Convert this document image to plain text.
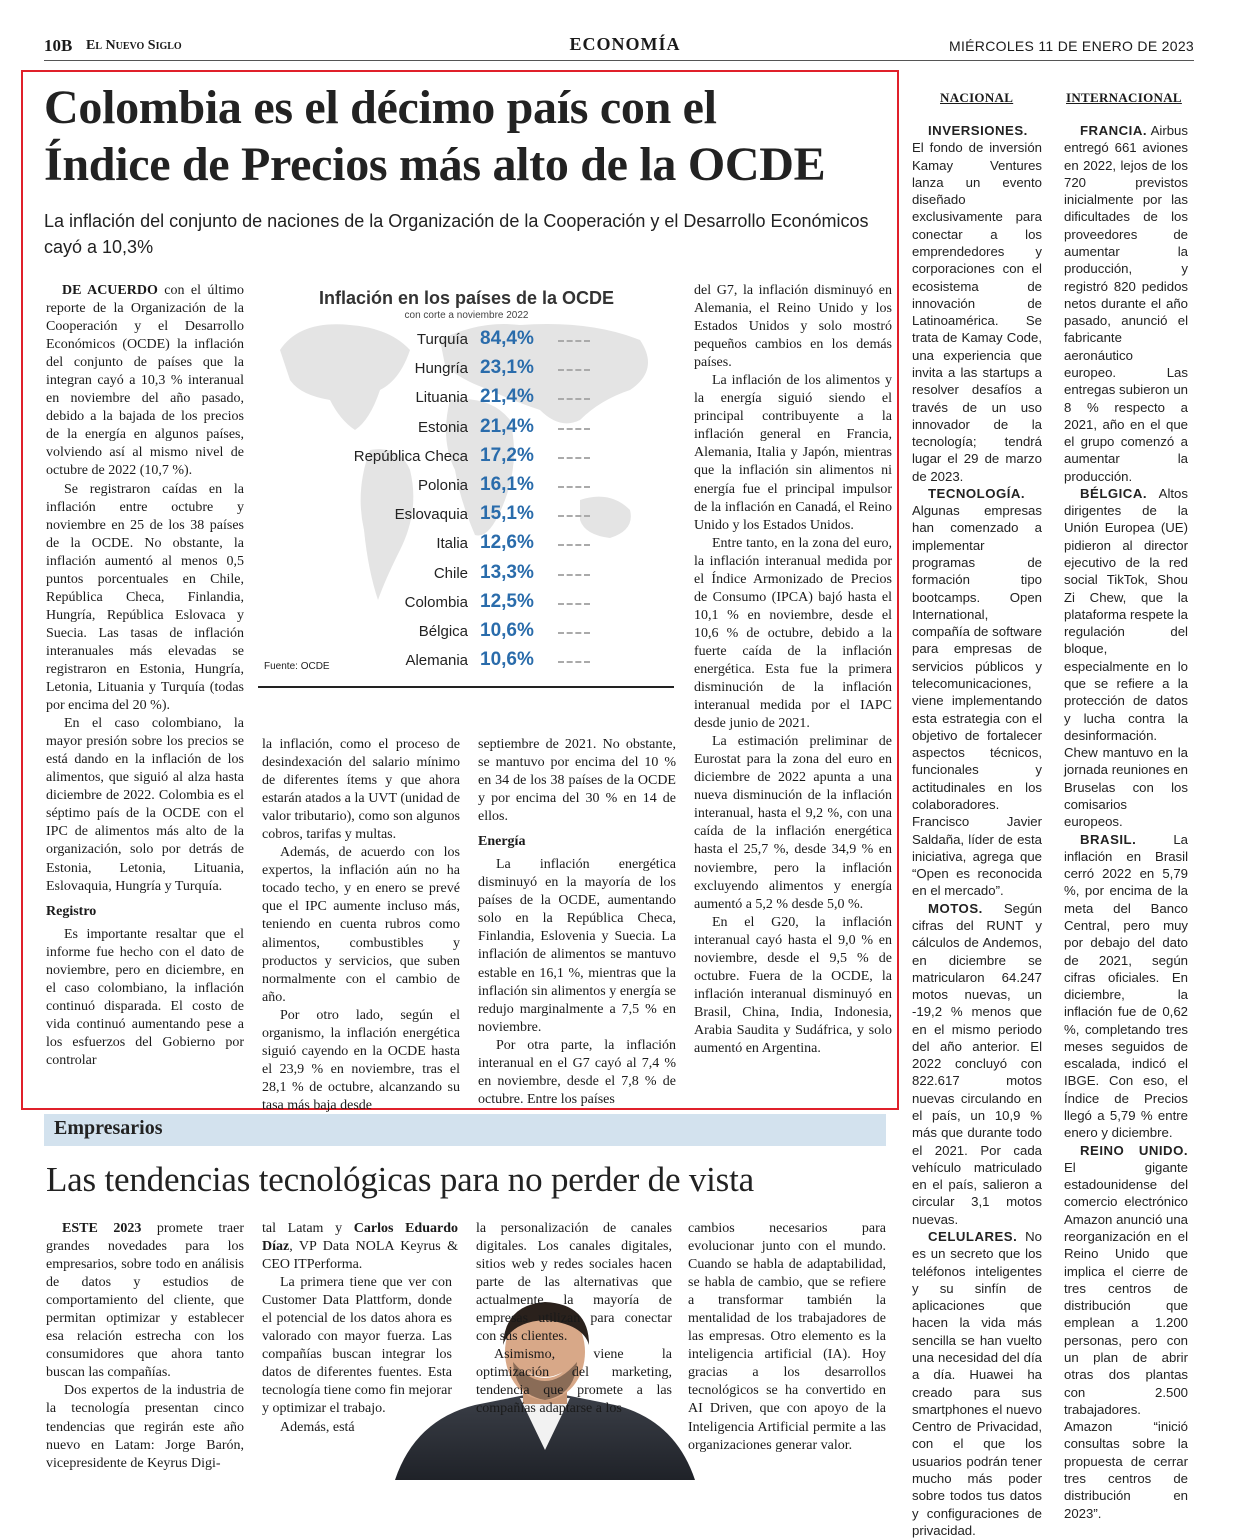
10B El Nuevo Siglo	ECONOMÍA	MIÉRCOLES 11 DE ENERO DE 2023
Colombia es el décimo país con el
Índice de Precios más alto de la OCDE
La inflación del conjunto de naciones de la Organización de la Cooperación y el Desarrollo Económicos cayó a 10,3%

DE ACUERDO con el último reporte de la Organización de la Cooperación y el Desarrollo Económicos (OCDE) la inflación del conjunto de países que la integran cayó a 10,3 % interanual en noviembre del año pasado, debido a la bajada de los precios de la energía en algunos países, volviendo así al mismo nivel de octubre de 2022 (10,7 %).

Se registraron caídas en la inflación entre octubre y noviembre en 25 de los 38 países de la OCDE. No obstante, la inflación aumentó al menos 0,5 puntos porcentuales en Chile, República Checa, Finlandia, Hungría, República Eslovaca y Suecia. Las tasas de inflación interanuales más elevadas se registraron en Estonia, Hungría, Letonia, Lituania y Turquía (todas por encima del 20 %).

En el caso colombiano, la mayor presión sobre los precios se está dando en la inflación de los alimentos, que siguió al alza hasta diciembre de 2022. Colombia es el séptimo país de la OCDE con el IPC de alimentos más alto de la organización, solo por detrás de Estonia, Letonia, Lituania, Eslovaquia, Hungría y Turquía.

Registro

Es importante resaltar que el informe fue hecho con el dato de noviembre, pero en diciembre, en el caso colombiano, la inflación continuó disparada. El costo de vida continuó aumentando pese a los esfuerzos del Gobierno por controlar

Inflación en los países de la OCDE
con corte a noviembre 2022
Turquía 84,4%
Hungría 23,1%
Lituania 21,4%
Estonia 21,4%
República Checa 17,2%
Polonia 16,1%
Eslovaquia 15,1%
Italia 12,6%
Chile 13,3%
Colombia 12,5%
Bélgica 10,6%
Alemania 10,6%
Fuente: OCDE

la inflación, como el proceso de desindexación del salario mínimo de diferentes ítems y que ahora estarán atados a la UVT (unidad de valor tributario), como son algunos cobros, tarifas y multas.

Además, de acuerdo con los expertos, la inflación aún no ha tocado techo, y en enero se prevé que el IPC aumente incluso más, teniendo en cuenta rubros como alimentos, combustibles y productos y servicios, que suben normalmente con el cambio de año.

Por otro lado, según el organismo, la inflación energética siguió cayendo en la OCDE hasta el 23,9 % en noviembre, tras el 28,1 % de octubre, alcanzando su tasa más baja desde

septiembre de 2021. No obstante, se mantuvo por encima del 10 % en 34 de los 38 países de la OCDE y por encima del 30 % en 14 de ellos.

Energía

La inflación energética disminuyó en la mayoría de los países de la OCDE, aumentando solo en la República Checa, Finlandia, Eslovenia y Suecia. La inflación de alimentos se mantuvo estable en 16,1 %, mientras que la inflación sin alimentos y energía se redujo marginalmente a 7,5 % en noviembre.

Por otra parte, la inflación interanual en el G7 cayó al 7,4 % en noviembre, desde el 7,8 % de octubre. Entre los países

del G7, la inflación disminuyó en Alemania, el Reino Unido y los Estados Unidos y solo mostró pequeños cambios en los demás países.

La inflación de los alimentos y la energía siguió siendo el principal contribuyente a la inflación general en Francia, Alemania, Italia y Japón, mientras que la inflación sin alimentos ni energía fue el principal impulsor de la inflación en Canadá, el Reino Unido y los Estados Unidos.

Entre tanto, en la zona del euro, la inflación interanual medida por el Índice Armonizado de Precios de Consumo (IPCA) bajó hasta el 10,1 % en noviembre, desde el 10,6 % de octubre, debido a la fuerte caída de la inflación energética. Esta fue la primera disminución de la inflación interanual medida por el IAPC desde junio de 2021.

La estimación preliminar de Eurostat para la zona del euro en diciembre de 2022 apunta a una nueva disminución de la inflación interanual, hasta el 9,2 %, con una caída de la inflación energética hasta el 25,7 %, desde 34,9 % en noviembre, pero la inflación excluyendo alimentos y energía aumentó a 5,2 % desde 5,0 %.

En el G20, la inflación interanual cayó hasta el 9,0 % en noviembre, desde el 9,5 % de octubre. Fuera de la OCDE, la inflación interanual disminuyó en Brasil, China, India, Indonesia, Arabia Saudita y Sudáfrica, y solo aumentó en Argentina.

NACIONAL	INTERNACIONAL

INVERSIONES. El fondo de inversión Kamay Ventures lanza un evento diseñado exclusivamente para conectar a los emprendedores y corporaciones con el ecosistema de innovación de Latinoamérica. Se trata de Kamay Code, una experiencia que invita a las startups a resolver desafíos a través de un uso innovador de la tecnología; tendrá lugar el 29 de marzo de 2023.

TECNOLOGÍA. Algunas empresas han comenzado a implementar programas de formación tipo bootcamps. Open International, compañía de software para empresas de servicios públicos y telecomunicaciones, viene implementando esta estrategia con el objetivo de fortalecer aspectos técnicos, funcionales y actitudinales en los colaboradores. Francisco Javier Saldaña, líder de esta iniciativa, agrega que “Open es reconocida en el mercado”.

MOTOS. Según cifras del RUNT y cálculos de Andemos, en diciembre se matricularon 64.247 motos nuevas, un -19,2 % menos que en el mismo periodo del año anterior. El 2022 concluyó con 822.617 motos nuevas circulando en el país, un 10,9 % más que durante todo el 2021. Por cada vehículo matriculado en el país, salieron a circular 3,1 motos nuevas.

CELULARES. No es un secreto que los teléfonos inteligentes y su sinfín de aplicaciones que hacen la vida más sencilla se han vuelto una necesidad del día a día. Huawei ha creado para sus smartphones el nuevo Centro de Privacidad, con el que los usuarios podrán tener mucho más poder sobre todos tus datos y configuraciones de privacidad.

FRANCIA. Airbus entregó 661 aviones en 2022, lejos de los 720 previstos inicialmente por las dificultades de los proveedores de aumentar la producción, y registró 820 pedidos netos durante el año pasado, anunció el fabricante aeronáutico europeo. Las entregas subieron un 8 % respecto a 2021, año en el que el grupo comenzó a aumentar la producción.

BÉLGICA. Altos dirigentes de la Unión Europea (UE) pidieron al director ejecutivo de la red social TikTok, Shou Zi Chew, que la plataforma respete la regulación del bloque, especialmente en lo que se refiere a la protección de datos y lucha contra la desinformación. Chew mantuvo en la jornada reuniones en Bruselas con los comisarios europeos.

BRASIL. La inflación en Brasil cerró 2022 en 5,79 %, por encima de la meta del Banco Central, pero muy por debajo del dato de 2021, según cifras oficiales. En diciembre, la inflación fue de 0,62 %, completando tres meses seguidos de escalada, indicó el IBGE. Con eso, el Índice de Precios llegó a 5,79 % entre enero y diciembre.

REINO UNIDO. El gigante estadounidense del comercio electrónico Amazon anunció una reorganización en el Reino Unido que implica el cierre de tres centros de distribución que emplean a 1.200 personas, pero con un plan de abrir otras dos plantas con 2.500 trabajadores. Amazon “inició consultas sobre la propuesta de cerrar tres centros de distribución en 2023”.

Empresarios
Las tendencias tecnológicas para no perder de vista

ESTE 2023 promete traer grandes novedades para los empresarios, sobre todo en análisis de datos y estudios de comportamiento del cliente, que permitan optimizar y establecer esa relación estrecha con los consumidores que ahora tanto buscan las compañías.

Dos expertos de la industria de la tecnología presentan cinco tendencias que regirán este año nuevo en Latam: Jorge Barón, vicepresidente de Keyrus Digi-

tal Latam y Carlos Eduardo Díaz, VP Data NOLA Keyrus & CEO ITPerforma.

La primera tiene que ver con Customer Data Plattform, donde el potencial de los datos ahora es valorado con mayor fuerza. Las compañías buscan integrar los datos de diferentes fuentes. Esta tecnología tiene como fin mejorar y optimizar el trabajo.

Además, está

la personalización de canales digitales. Los canales digitales, sitios web y redes sociales hacen parte de las alternativas que actualmente la mayoría de empresas utilizan para conectar con sus clientes.

Asimismo, viene la optimización del marketing, tendencia que promete a las compañías adaptarse a los

cambios necesarios para evolucionar junto con el mundo. Cuando se habla de adaptabilidad, se habla de cambio, que se refiere a transformar también la mentalidad de los trabajadores de las empresas. Otro elemento es la inteligencia artificial (IA). Hoy gracias a los desarrollos tecnológicos se ha convertido en AI Driven, que con apoyo de la Inteligencia Artificial permite a las organizaciones generar valor.
